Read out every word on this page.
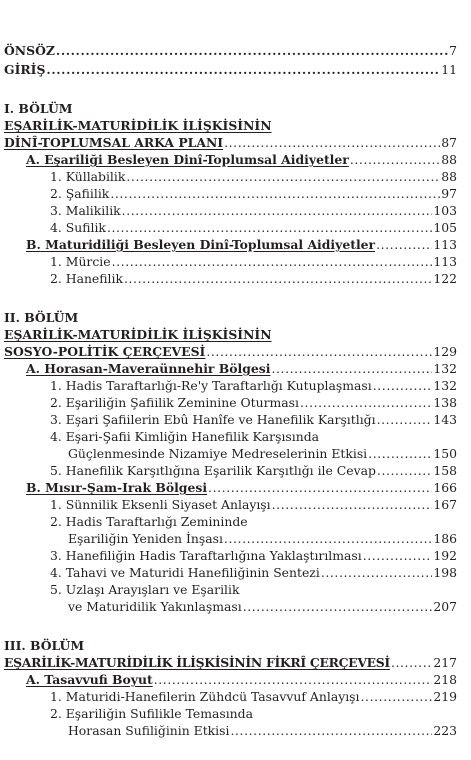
ÖNSÖZ .....	7
GİRİŞ .....	11
I. BÖLÜM
EŞARİLİK-MATURİDİLİK İLİŞKİSİNİN
DİNÎ-TOPLUMSAL ARKA PLANI .....	87
A. Eşariliği Besleyen Dinî-Toplumsal Aidiyetler .....	88
1. Küllabilik .....	88
2. Şafiilik .....	97
3. Malikilik .....	103
4. Sufilik .....	105
B. Maturidiliği Besleyen Dinî-Toplumsal Aidiyetler .....	113
1. Mürcie .....	113
2. Hanefilik .....	122
II. BÖLÜM
EŞARİLİK-MATURİDİLİK İLİŞKİSİNİN
SOSYO-POLİTİK ÇERÇEVESİ .....	129
A. Horasan-Maveraünnehir Bölgesi .....	132
1. Hadis Taraftarlığı-Re'y Taraftarlığı Kutuplaşması .....	132
2. Eşariliğin Şafiilik Zeminine Oturması .....	138
3. Eşari Şafiilerin Ebû Hanîfe ve Hanefilik Karşıtlığı .....	143
4. Eşari-Şafii Kimliğin Hanefilik Karşısında
Güçlenmesinde Nizamiye Medreselerinin Etkisi .....	150
5. Hanefilik Karşıtlığına Eşarilik Karşıtlığı ile Cevap .....	158
B. Mısır-Şam-Irak Bölgesi .....	166
1. Sünnilik Eksenli Siyaset Anlayışı .....	167
2. Hadis Taraftarlığı Zemininde
Eşariliğin Yeniden İnşası .....	186
3. Hanefiliğin Hadis Taraftarlığına Yaklaştırılması .....	192
4. Tahavi ve Maturidi Hanefiliğinin Sentezi .....	198
5. Uzlaşı Arayışları ve Eşarilik
ve Maturidilik Yakınlaşması .....	207
III. BÖLÜM
EŞARİLİK-MATURİDİLİK İLİŞKİSİNİN FİKRÎ ÇERÇEVESİ .....	217
A. Tasavvufi Boyut .....	218
1. Maturidi-Hanefilerin Zühdcü Tasavvuf Anlayışı .....	219
2. Eşariliğin Sufilikle Temasında
Horasan Sufiliğinin Etkisi .....	223
